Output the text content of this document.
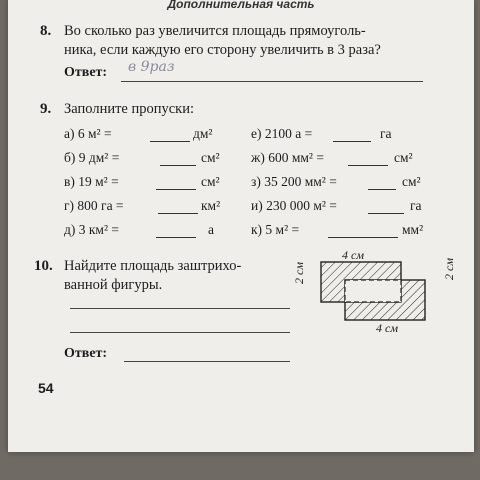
Дополнительная часть
8. Во сколько раз увеличится площадь прямоуголь-
ника, если каждую его сторону увеличить в 3 раза?
Ответ: в 9раз
9. Заполните пропуски:
а) 6 м² =	дм²
б) 9 дм² =	см²
в) 19 м² =	см²
г) 800 га =	км²
д) 3 км² =	а
е) 2100 а =	га
ж) 600 мм² =	см²
з) 35 200 мм² =	см²
и) 230 000 м² =	га
к) 5 м² =	мм²
10. Найдите площадь заштрихо-
ванной фигуры.
Ответ:
4 см
4 см
2 см	2 см
54
